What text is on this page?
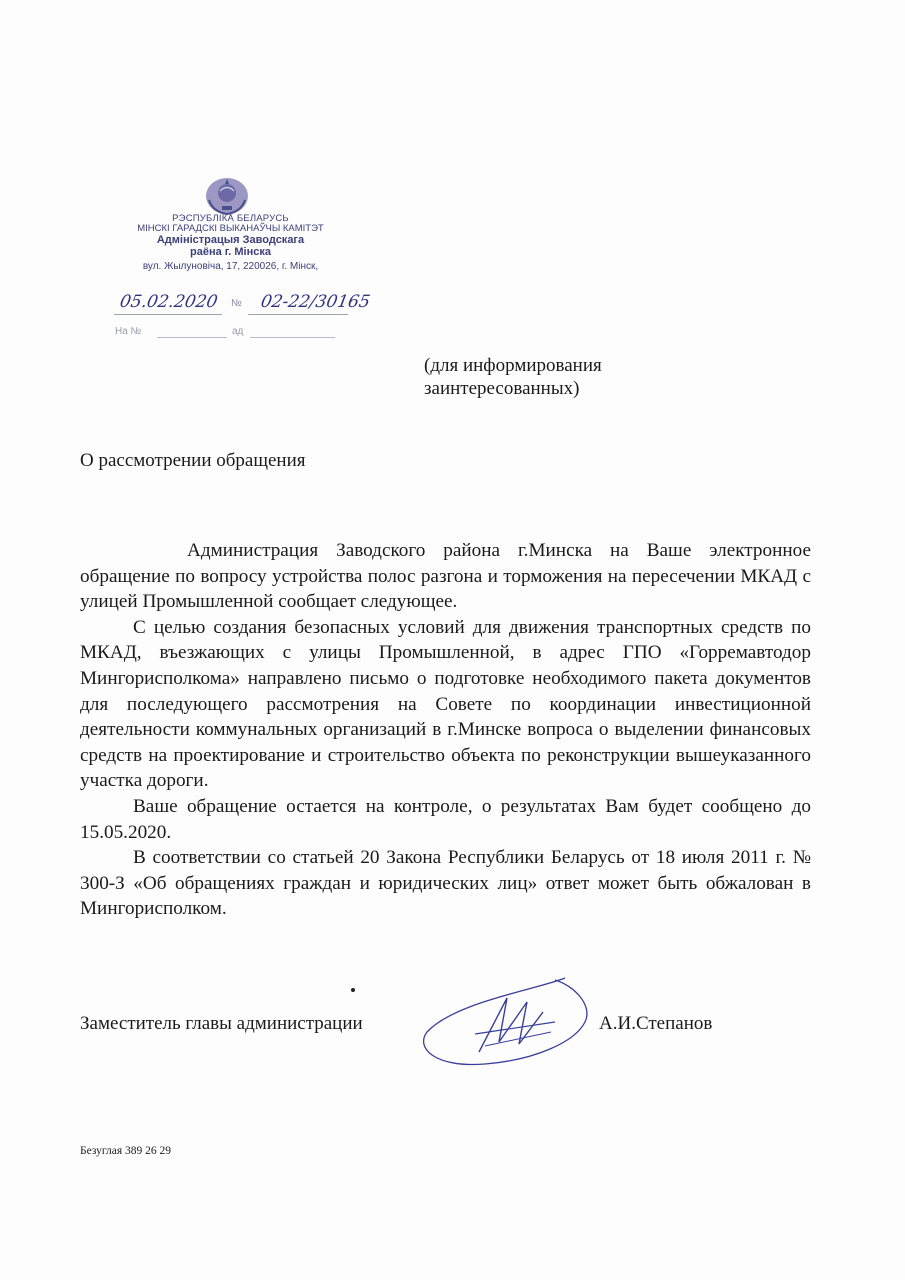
РЭСПУБЛІКА БЕЛАРУСЬ
МІНСКІ ГАРАДСКІ ВЫКАНАЎЧЫ КАМІТЭТ
Адміністрацыя Заводскага
раёна г. Мінска
вул. Жылуновіча, 17, 220026, г. Мінск,
05.02.2020 № 02-22/30165
На №	ад
(для информирования
заинтересованных)
О рассмотрении обращения

Администрация Заводского района г.Минска на Ваше электронное обращение по вопросу устройства полос разгона и торможения на пересечении МКАД с улицей Промышленной сообщает следующее.

С целью создания безопасных условий для движения транспортных средств по МКАД, въезжающих с улицы Промышленной, в адрес ГПО «Горремавтодор Мингорисполкома» направлено письмо о подготовке необходимого пакета документов для последующего рассмотрения на Совете по координации инвестиционной деятельности коммунальных организаций в г.Минске вопроса о выделении финансовых средств на проектирование и строительство объекта по реконструкции вышеуказанного участка дороги.

Ваше обращение остается на контроле, о результатах Вам будет сообщено до 15.05.2020.

В соответствии со статьей 20 Закона Республики Беларусь от 18 июля 2011 г. № 300-З «Об обращениях граждан и юридических лиц» ответ может быть обжалован в Мингорисполком.

Заместитель главы администрации	А.И.Степанов
Безуглая 389 26 29
